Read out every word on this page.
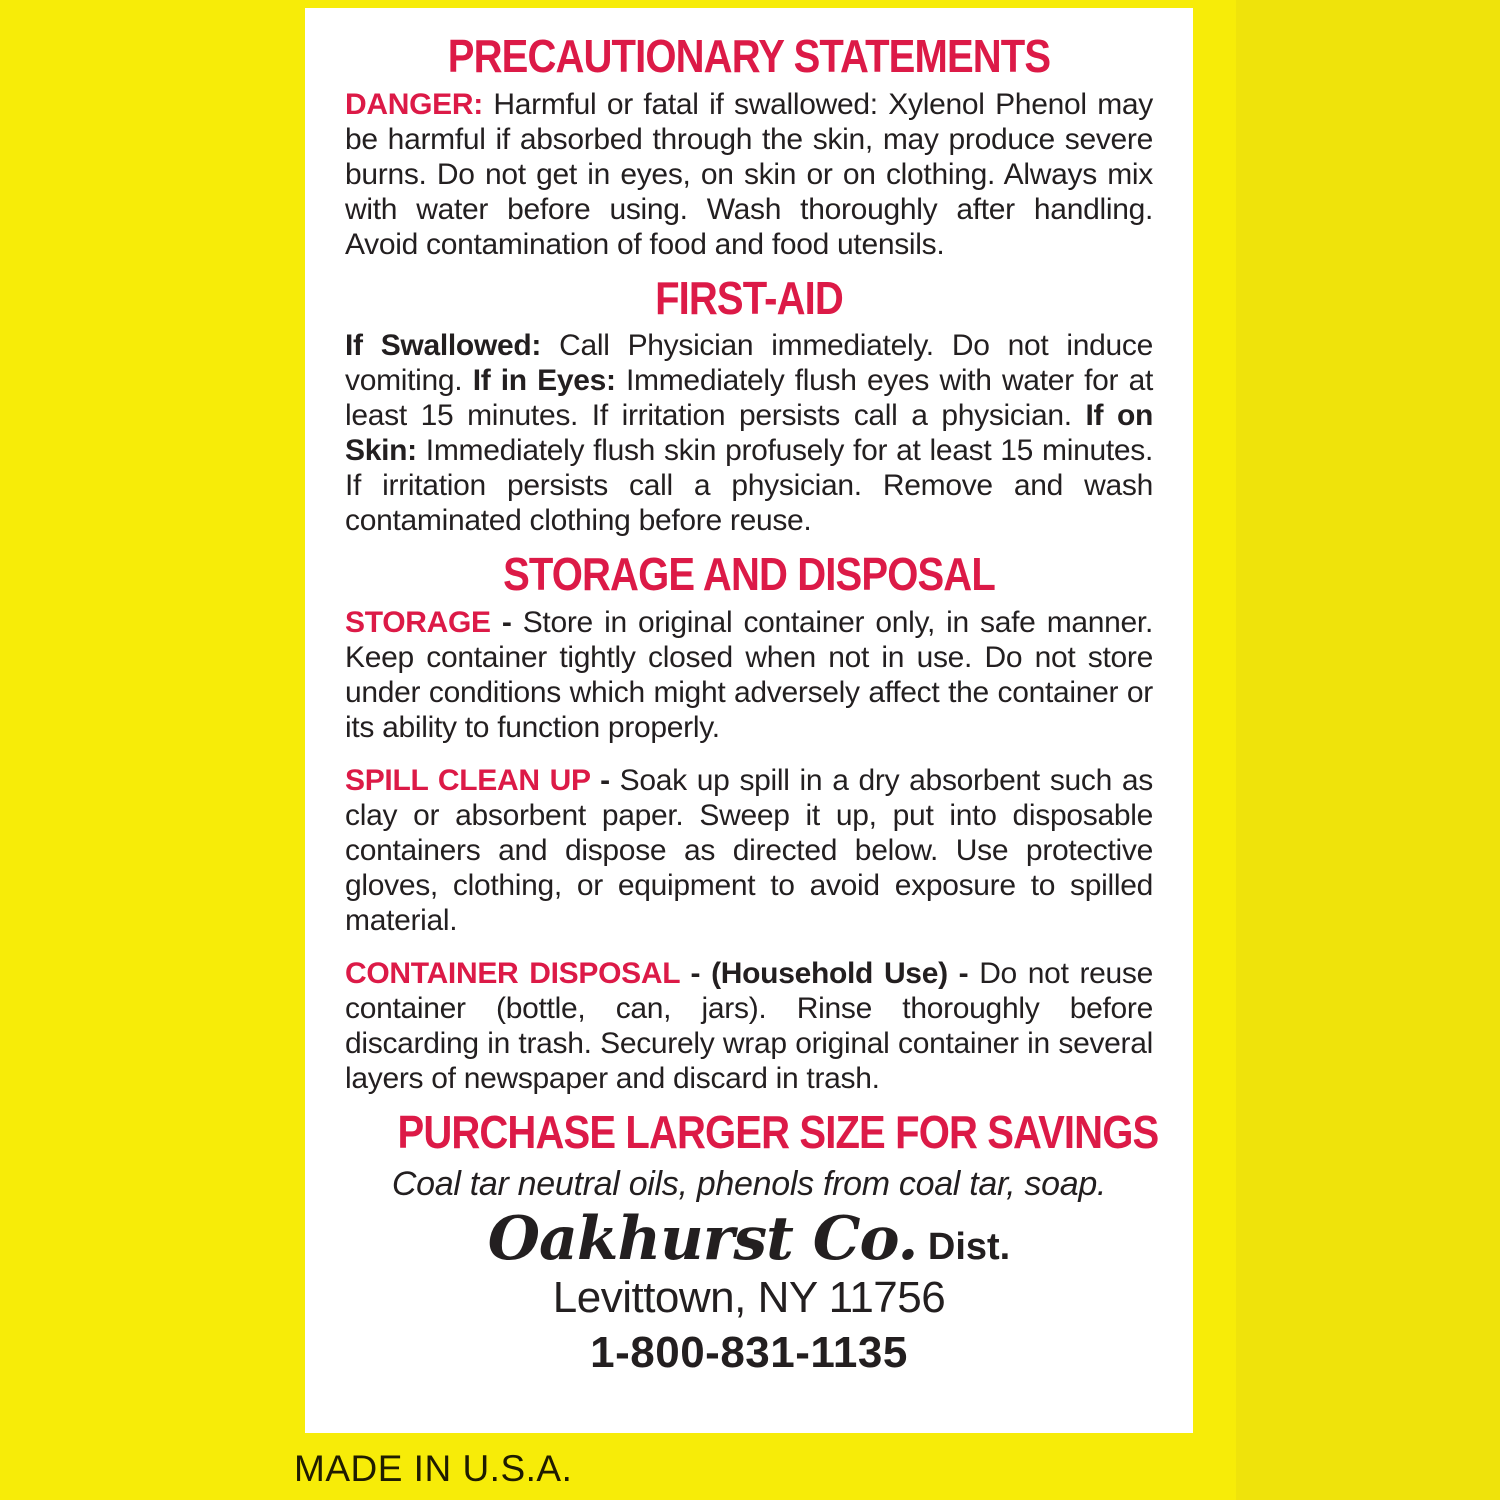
PRECAUTIONARY STATEMENTS

DANGER: Harmful or fatal if swallowed: Xylenol Phenol may be harmful if absorbed through the skin, may produce severe burns. Do not get in eyes, on skin or on clothing. Always mix with water before using. Wash thoroughly after handling. Avoid contamination of food and food utensils.

FIRST-AID

If Swallowed: Call Physician immediately. Do not induce vomiting. If in Eyes: Immediately flush eyes with water for at least 15 minutes. If irritation persists call a physician. If on Skin: Immediately flush skin profusely for at least 15 minutes. If irritation persists call a physician. Remove and wash contaminated clothing before reuse.

STORAGE AND DISPOSAL

STORAGE - Store in original container only, in safe manner. Keep container tightly closed when not in use. Do not store under conditions which might adversely affect the container or its ability to function properly.

SPILL CLEAN UP - Soak up spill in a dry absorbent such as clay or absorbent paper. Sweep it up, put into disposable containers and dispose as directed below. Use protective gloves, clothing, or equipment to avoid exposure to spilled material.

CONTAINER DISPOSAL - (Household Use) - Do not reuse container (bottle, can, jars). Rinse thoroughly before discarding in trash. Securely wrap original container in several layers of newspaper and discard in trash.

PURCHASE LARGER SIZE FOR SAVINGS

Coal tar neutral oils, phenols from coal tar, soap.

Oakhurst Co. Dist.
Levittown, NY 11756
1-800-831-1135
MADE IN U.S.A.
